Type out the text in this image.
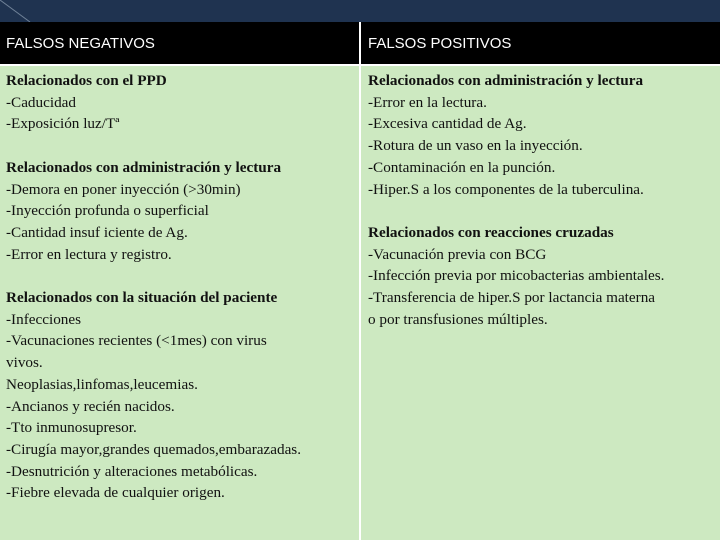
FALSOS NEGATIVOS	FALSOS POSITIVOS
Relacionados con el PPD
-Caducidad
-Exposición luz/Tª
Relacionados con administración y lectura
-Demora en poner inyección (>30min)
-Inyección profunda o superficial
-Cantidad insuf iciente de Ag.
-Error en lectura y registro.
Relacionados con la situación del paciente
-Infecciones
-Vacunaciones recientes (<1mes) con virus
vivos.
Neoplasias,linfomas,leucemias.
-Ancianos y recién nacidos.
-Tto inmunosupresor.
-Cirugía mayor,grandes quemados,embarazadas.
-Desnutrición y alteraciones metabólicas.
-Fiebre elevada de cualquier origen.
Relacionados con administración y lectura
-Error en la lectura.
-Excesiva cantidad de Ag.
-Rotura de un vaso en la inyección.
-Contaminación en la punción.
-Hiper.S a los componentes de la tuberculina.
Relacionados con reacciones cruzadas
-Vacunación previa con BCG
-Infección previa por micobacterias ambientales.
-Transferencia de hiper.S por lactancia materna
o por transfusiones múltiples.
